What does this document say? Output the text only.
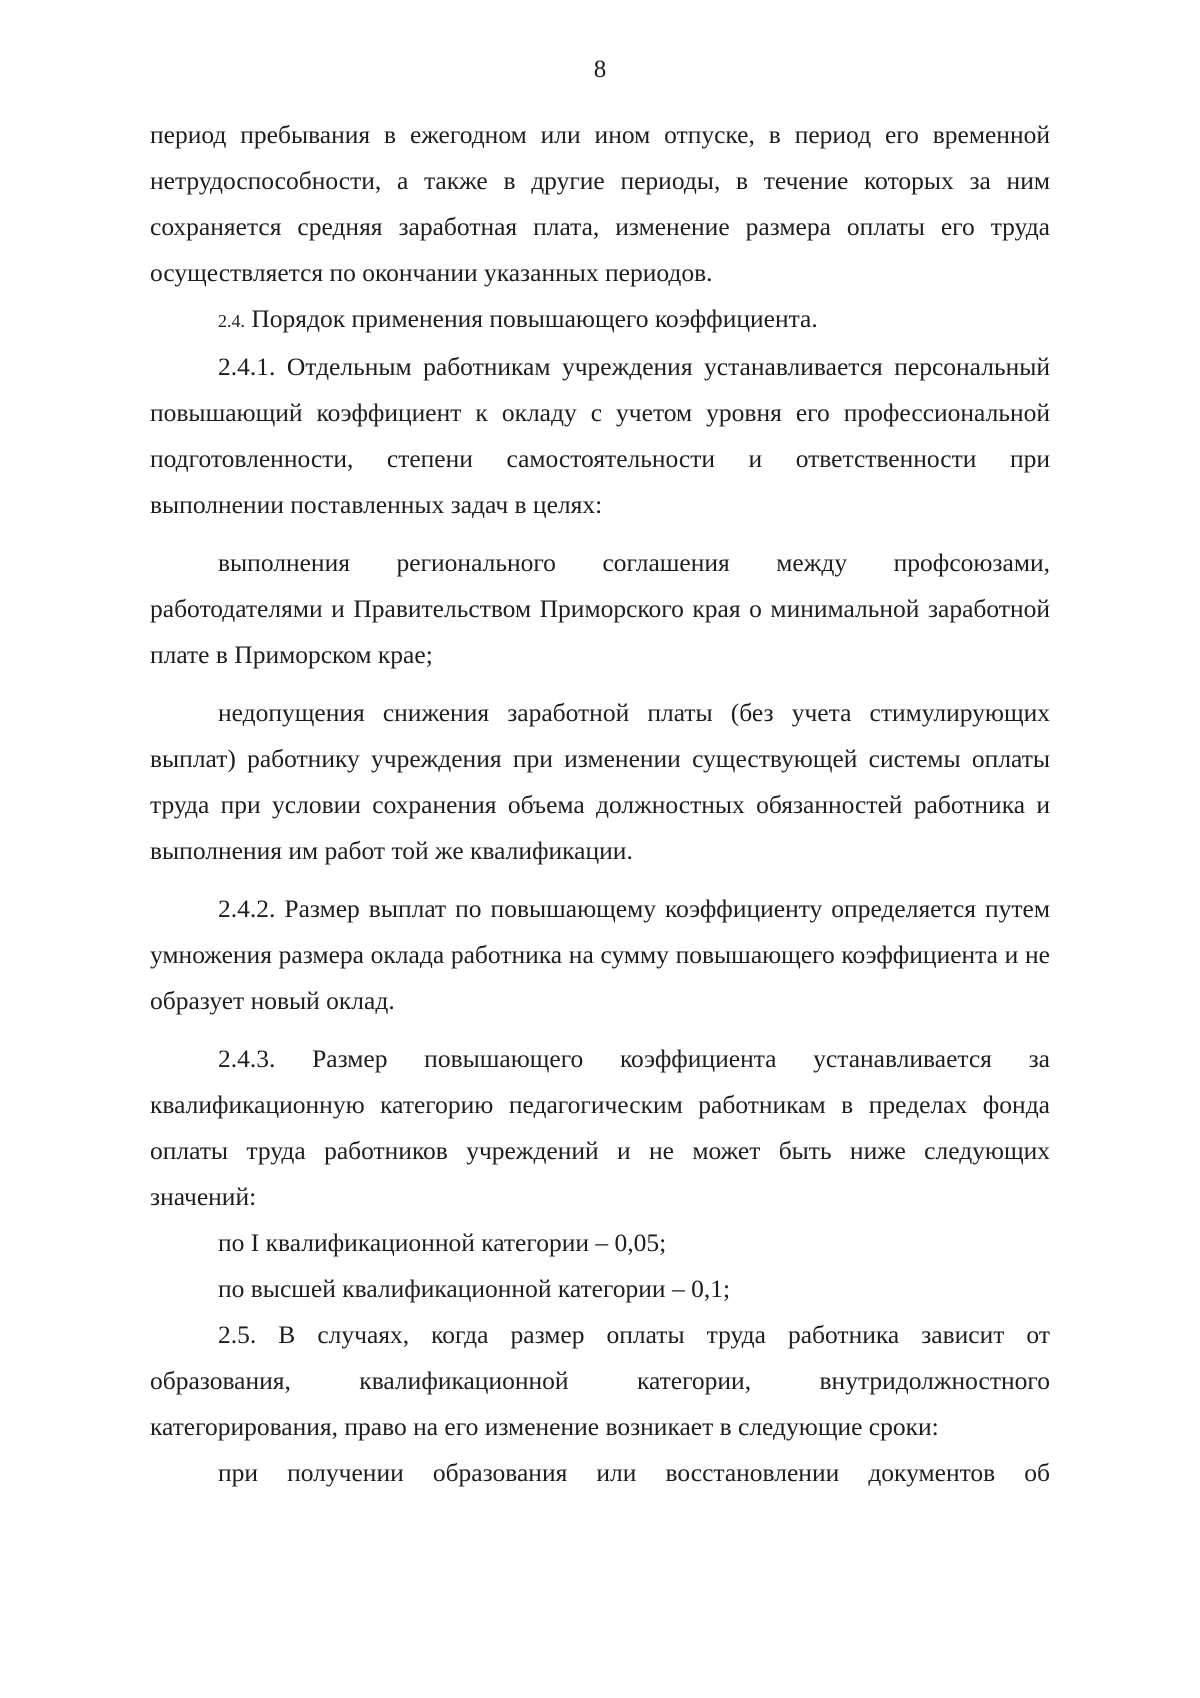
8

период пребывания в ежегодном или ином отпуске, в период его временной нетрудоспособности, а также в другие периоды, в течение которых за ним сохраняется средняя заработная плата, изменение размера оплаты его труда осуществляется по окончании указанных периодов.

2.4. Порядок применения повышающего коэффициента.

2.4.1. Отдельным работникам учреждения устанавливается персональный повышающий коэффициент к окладу с учетом уровня его профессиональной подготовленности, степени самостоятельности и ответственности при выполнении поставленных задач в целях:

выполнения регионального соглашения между профсоюзами, работодателями и Правительством Приморского края о минимальной заработной плате в Приморском крае;

недопущения снижения заработной платы (без учета стимулирующих выплат) работнику учреждения при изменении существующей системы оплаты труда при условии сохранения объема должностных обязанностей работника и выполнения им работ той же квалификации.

2.4.2. Размер выплат по повышающему коэффициенту определяется путем умножения размера оклада работника на сумму повышающего коэффициента и не образует новый оклад.

2.4.3. Размер повышающего коэффициента устанавливается за квалификационную категорию педагогическим работникам в пределах фонда оплаты труда работников учреждений и не может быть ниже следующих значений:

по I квалификационной категории – 0,05;

по высшей квалификационной категории – 0,1;

2.5. В случаях, когда размер оплаты труда работника зависит от образования, квалификационной категории, внутридолжностного категорирования, право на его изменение возникает в следующие сроки:

при получении образования или восстановлении документов об
